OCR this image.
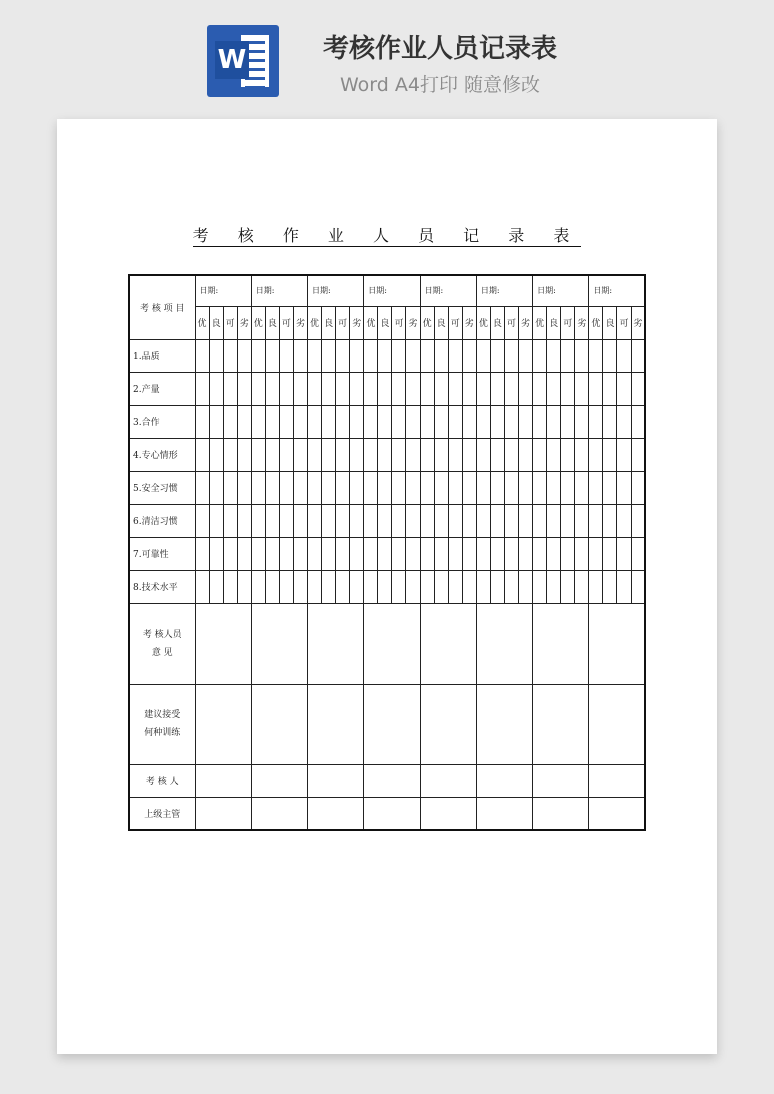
W	考核作业人员记录表
Word A4打印 随意修改
考 核 作 业 人 员 记 录 表
考 核 项 目	日期:				日期:				日期:				日期:				日期:				日期:				日期:				日期:			
	优	良	可	劣	优	良	可	劣	优	良	可	劣	优	良	可	劣	优	良	可	劣	优	良	可	劣	优	良	可	劣	优	良	可	劣
1.品质																																
2.产量																																
3.合作																																
4.专心情形																																
5.安全习惯																																
6.清洁习惯																																
7.可靠性																																
8.技术水平																																

考 核人员
意 见																																

建议接受
何种训练																																

考 核 人																																
上级主管																																
